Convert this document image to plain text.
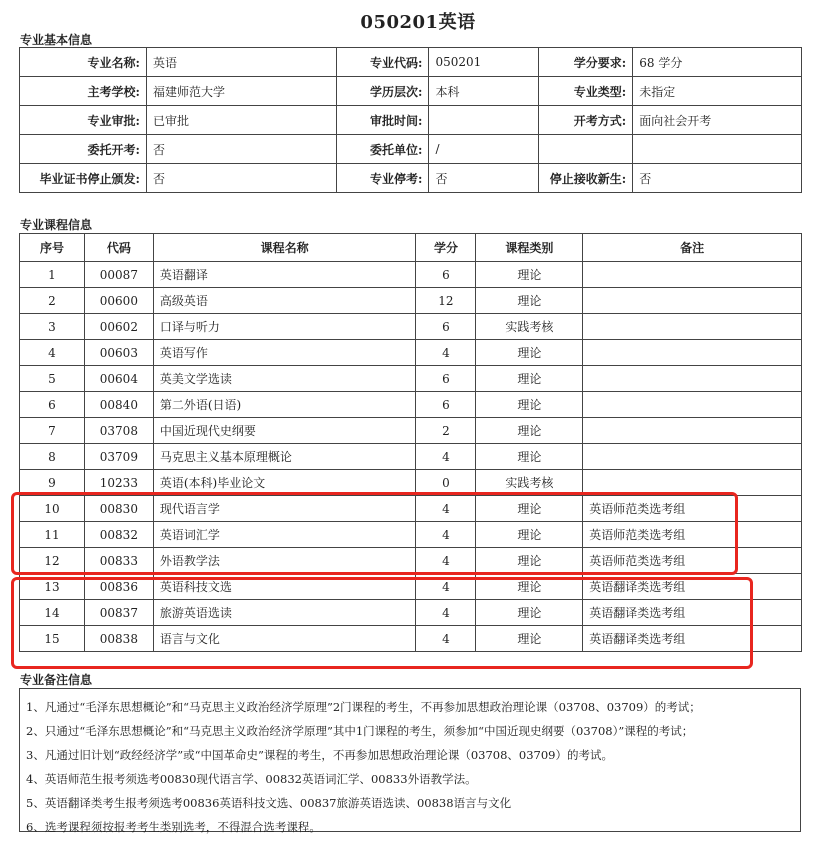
050201英语
专业基本信息
专业名称:	英语	专业代码:	050201	学分要求:	68 学分
主考学校:	福建师范大学	学历层次:	本科	专业类型:	未指定
专业审批:	已审批	审批时间:		开考方式:	面向社会开考
委托开考:	否	委托单位:	/		
毕业证书停止颁发:	否	专业停考:	否	停止接收新生:	否
专业课程信息
序号	代码	课程名称	学分	课程类别	备注
1	00087	英语翻译	6	理论	
2	00600	高级英语	12	理论	
3	00602	口译与听力	6	实践考核	
4	00603	英语写作	4	理论	
5	00604	英美文学选读	6	理论	
6	00840	第二外语(日语)	6	理论	
7	03708	中国近现代史纲要	2	理论	
8	03709	马克思主义基本原理概论	4	理论	
9	10233	英语(本科)毕业论文	0	实践考核	
10	00830	现代语言学	4	理论	英语师范类选考组
11	00832	英语词汇学	4	理论	英语师范类选考组
12	00833	外语教学法	4	理论	英语师范类选考组
13	00836	英语科技文选	4	理论	英语翻译类选考组
14	00837	旅游英语选读	4	理论	英语翻译类选考组
15	00838	语言与文化	4	理论	英语翻译类选考组
专业备注信息
1、凡通过“毛泽东思想概论”和“马克思主义政治经济学原理”2门课程的考生，不再参加思想政治理论课（03708、03709）的考试；
2、只通过“毛泽东思想概论”和“马克思主义政治经济学原理”其中1门课程的考生，须参加“中国近现史纲要（03708）”课程的考试；
3、凡通过旧计划“政经经济学”或“中国革命史”课程的考生，不再参加思想政治理论课（03708、03709）的考试。
4、英语师范生报考须选考00830现代语言学、00832英语词汇学、00833外语教学法。
5、英语翻译类考生报考须选考00836英语科技文选、00837旅游英语选读、00838语言与文化
6、选考课程须按报考考生类别选考，不得混合选考课程。
